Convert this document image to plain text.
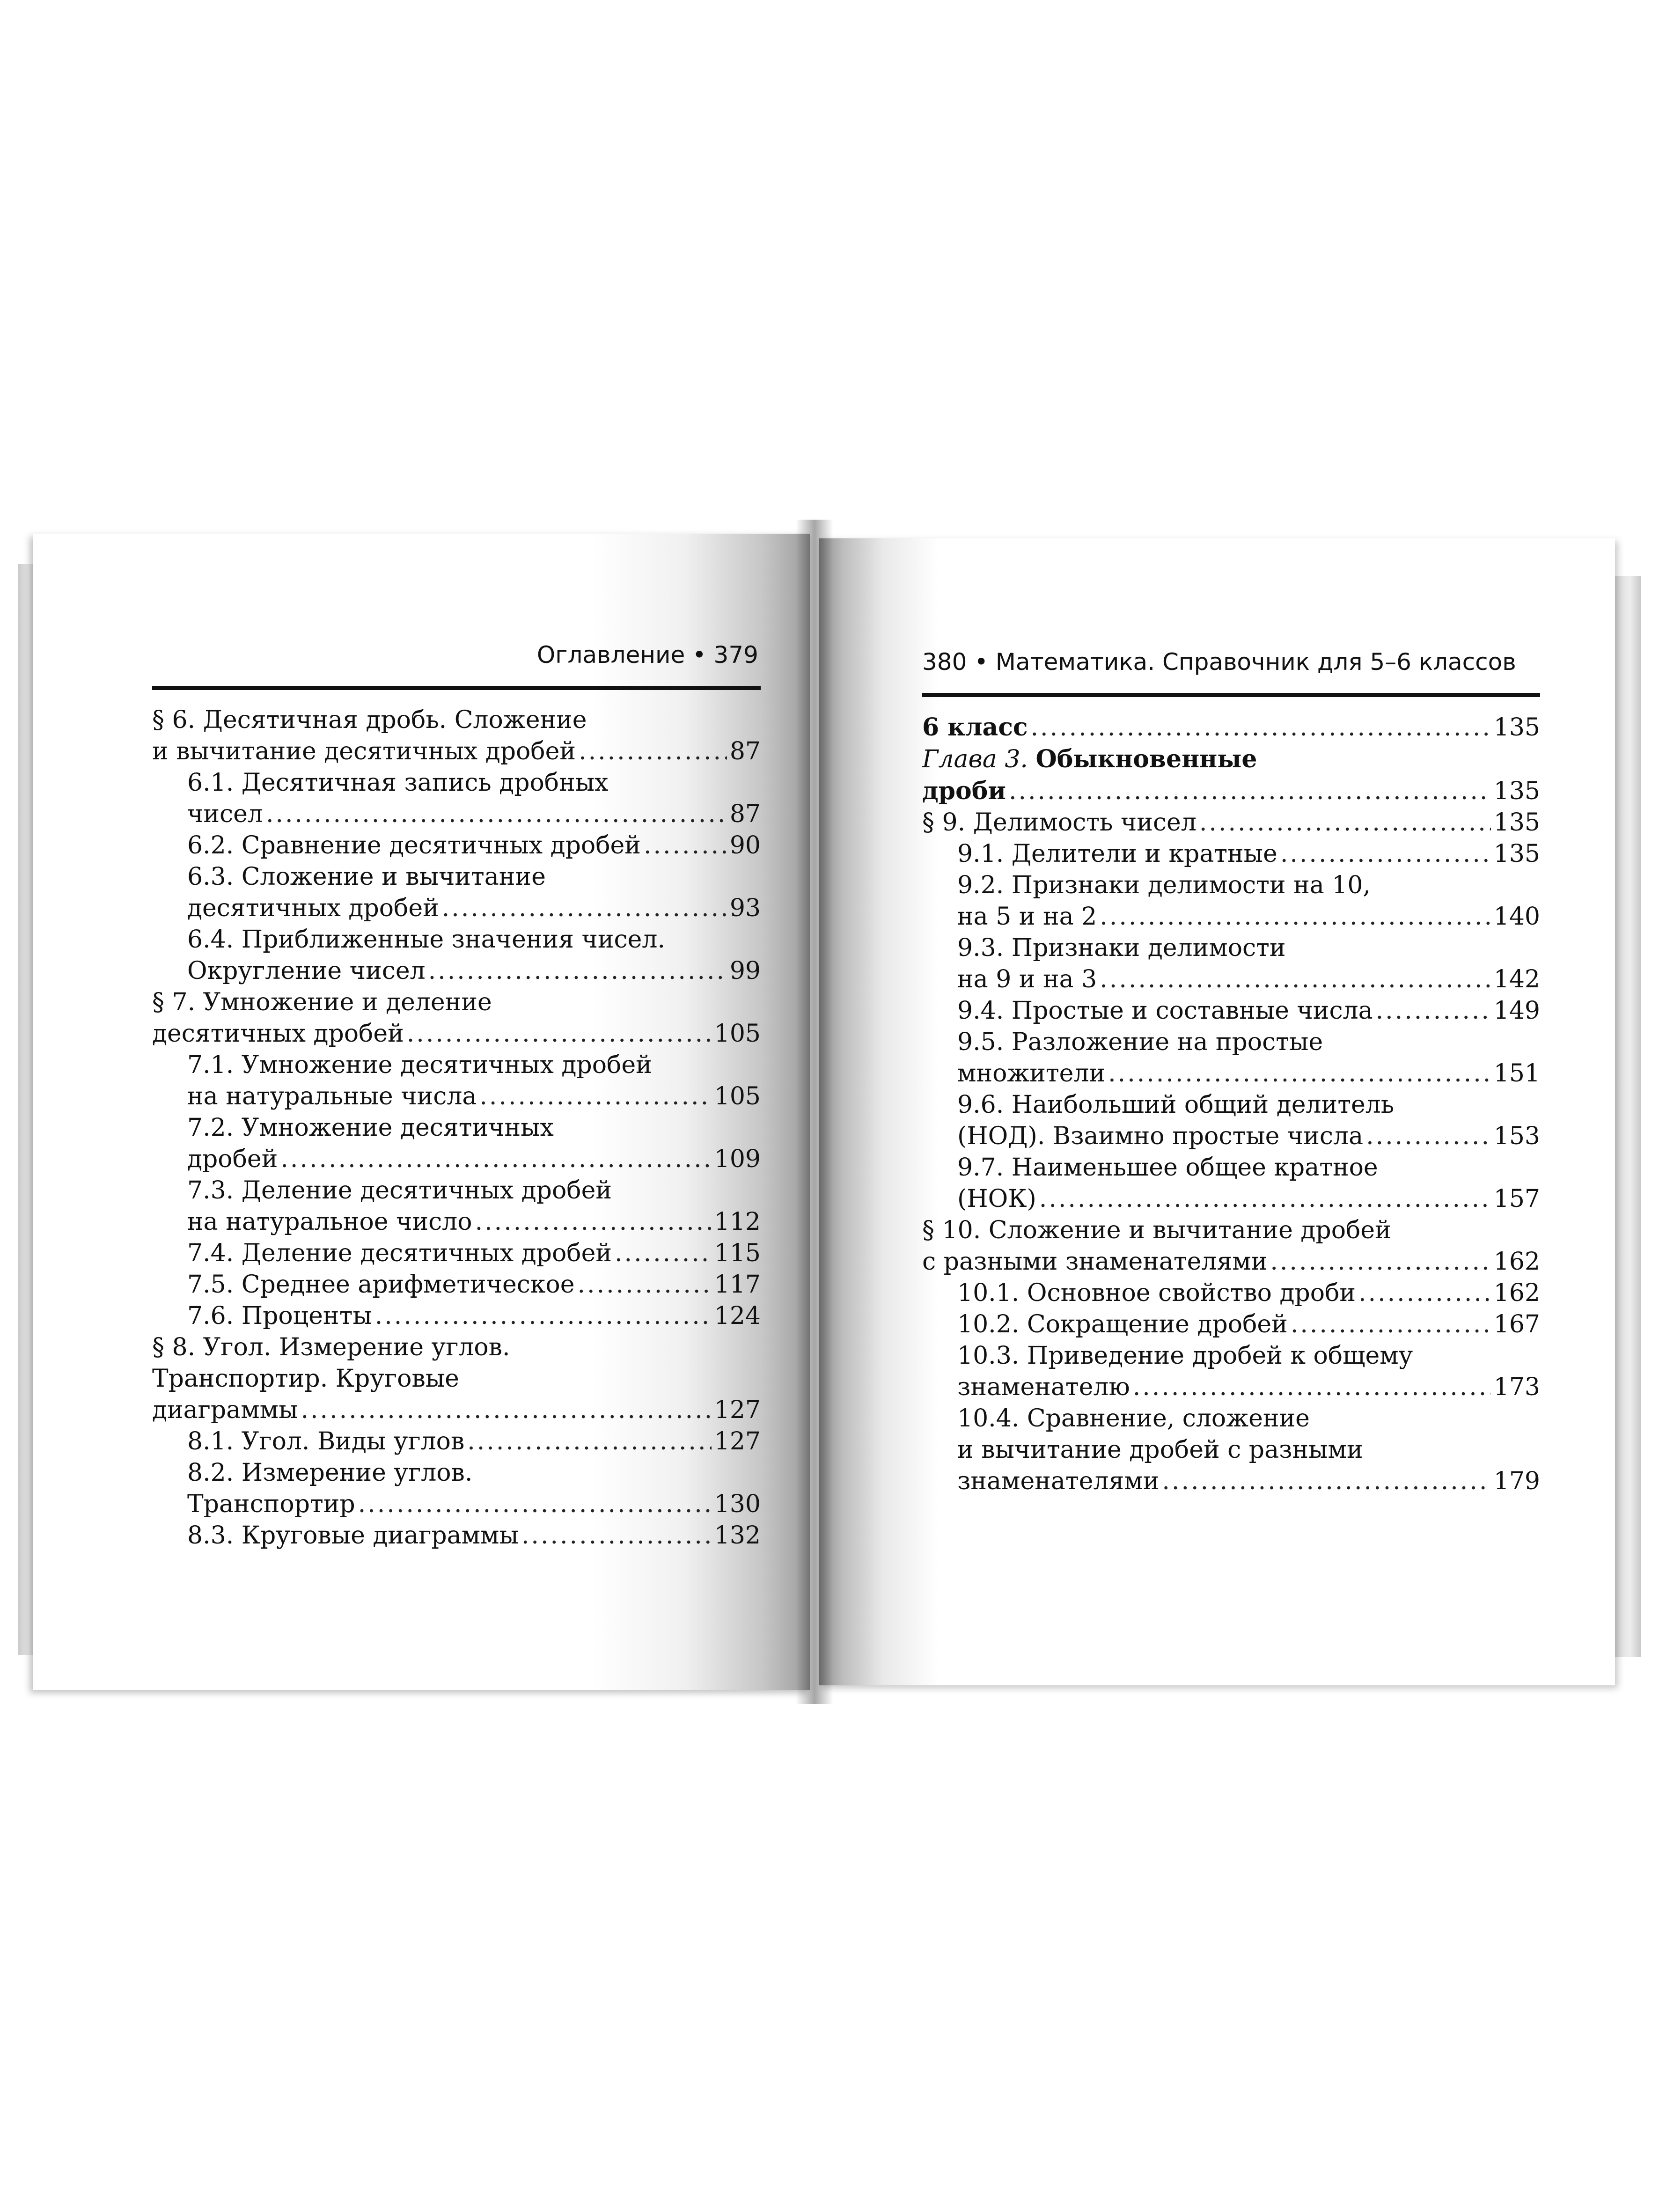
Оглавление • 379
§ 6. Десятичная дробь. Сложение
и вычитание десятичных дробей .....	87
6.1. Десятичная запись дробных
чисел .....	87
6.2. Сравнение десятичных дробей .....	90
6.3. Сложение и вычитание
десятичных дробей .....	93
6.4. Приближенные значения чисел.
Округление чисел .....	99
§ 7. Умножение и деление
десятичных дробей .....	105
7.1. Умножение десятичных дробей
на натуральные числа .....	105
7.2. Умножение десятичных
дробей .....	109
7.3. Деление десятичных дробей
на натуральное число .....	112
7.4. Деление десятичных дробей .....	115
7.5. Среднее арифметическое .....	117
7.6. Проценты .....	124
§ 8. Угол. Измерение углов.
Транспортир. Круговые
диаграммы .....	127
8.1. Угол. Виды углов .....	127
8.2. Измерение углов.
Транспортир .....	130
8.3. Круговые диаграммы .....	132
380 • Математика. Справочник для 5–6 классов
6 класс .....	135
Глава 3. Обыкновенные
дроби .....	135
§ 9. Делимость чисел .....	135
9.1. Делители и кратные .....	135
9.2. Признаки делимости на 10,
на 5 и на 2 .....	140
9.3. Признаки делимости
на 9 и на 3 .....	142
9.4. Простые и составные числа .....	149
9.5. Разложение на простые
множители .....	151
9.6. Наибольший общий делитель
(НОД). Взаимно простые числа .....	153
9.7. Наименьшее общее кратное
(НОК) .....	157
§ 10. Сложение и вычитание дробей
с разными знаменателями .....	162
10.1. Основное свойство дроби .....	162
10.2. Сокращение дробей .....	167
10.3. Приведение дробей к общему
знаменателю .....	173
10.4. Сравнение, сложение
и вычитание дробей с разными
знаменателями .....	179
